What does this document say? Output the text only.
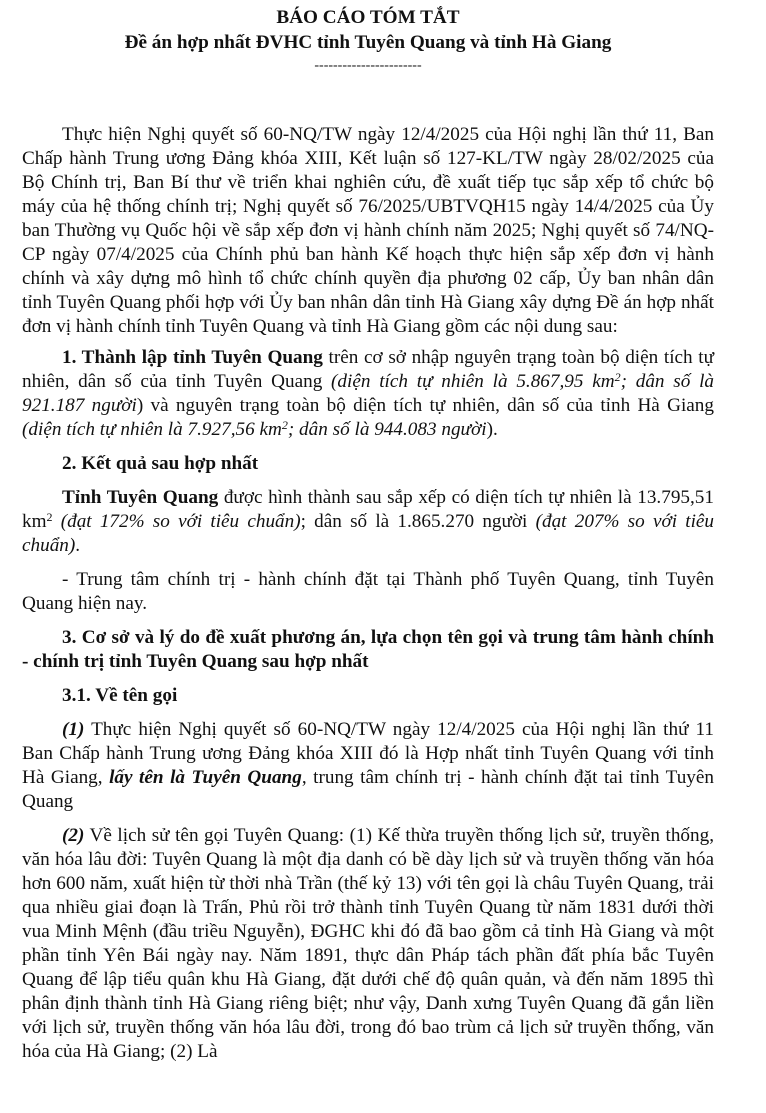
BÁO CÁO TÓM TẮT

Đề án hợp nhất ĐVHC tỉnh Tuyên Quang và tỉnh Hà Giang

-----------------------

Thực hiện Nghị quyết số 60-NQ/TW ngày 12/4/2025 của Hội nghị lần thứ 11, Ban Chấp hành Trung ương Đảng khóa XIII, Kết luận số 127-KL/TW ngày 28/02/2025 của Bộ Chính trị, Ban Bí thư về triển khai nghiên cứu, đề xuất tiếp tục sắp xếp tổ chức bộ máy của hệ thống chính trị; Nghị quyết số 76/2025/UBTVQH15 ngày 14/4/2025 của Ủy ban Thường vụ Quốc hội về sắp xếp đơn vị hành chính năm 2025; Nghị quyết số 74/NQ-CP ngày 07/4/2025 của Chính phủ ban hành Kế hoạch thực hiện sắp xếp đơn vị hành chính và xây dựng mô hình tổ chức chính quyền địa phương 02 cấp, Ủy ban nhân dân tỉnh Tuyên Quang phối hợp với Ủy ban nhân dân tỉnh Hà Giang xây dựng Đề án hợp nhất đơn vị hành chính tỉnh Tuyên Quang và tỉnh Hà Giang gồm các nội dung sau:

1. Thành lập tỉnh Tuyên Quang trên cơ sở nhập nguyên trạng toàn bộ diện tích tự nhiên, dân số của tỉnh Tuyên Quang (diện tích tự nhiên là 5.867,95 $km^2$; dân số là 921.187 người) và nguyên trạng toàn bộ diện tích tự nhiên, dân số của tỉnh Hà Giang (diện tích tự nhiên là 7.927,56 $km^2$; dân số là 944.083 người).

2. Kết quả sau hợp nhất

Tỉnh Tuyên Quang được hình thành sau sắp xếp có diện tích tự nhiên là 13.795,51 $km^2$ (đạt 172% so với tiêu chuẩn); dân số là 1.865.270 người (đạt 207% so với tiêu chuẩn).

- Trung tâm chính trị - hành chính đặt tại Thành phố Tuyên Quang, tỉnh Tuyên Quang hiện nay.

3. Cơ sở và lý do đề xuất phương án, lựa chọn tên gọi và trung tâm hành chính - chính trị tỉnh Tuyên Quang sau hợp nhất

3.1. Về tên gọi

(1) Thực hiện Nghị quyết số 60-NQ/TW ngày 12/4/2025 của Hội nghị lần thứ 11 Ban Chấp hành Trung ương Đảng khóa XIII đó là Hợp nhất tỉnh Tuyên Quang với tỉnh Hà Giang, lấy tên là Tuyên Quang, trung tâm chính trị - hành chính đặt tai tỉnh Tuyên Quang

(2) Về lịch sử tên gọi Tuyên Quang: (1) Kế thừa truyền thống lịch sử, truyền thống, văn hóa lâu đời: Tuyên Quang là một địa danh có bề dày lịch sử và truyền thống văn hóa hơn 600 năm, xuất hiện từ thời nhà Trần (thế kỷ 13) với tên gọi là châu Tuyên Quang, trải qua nhiều giai đoạn là Trấn, Phủ rồi trở thành tỉnh Tuyên Quang từ năm 1831 dưới thời vua Minh Mệnh (đầu triều Nguyễn), ĐGHC khi đó đã bao gồm cả tỉnh Hà Giang và một phần tỉnh Yên Bái ngày nay. Năm 1891, thực dân Pháp tách phần đất phía bắc Tuyên Quang để lập tiểu quân khu Hà Giang, đặt dưới chế độ quân quản, và đến năm 1895 thì phân định thành tỉnh Hà Giang riêng biệt; như vậy, Danh xưng Tuyên Quang đã gắn liền với lịch sử, truyền thống văn hóa lâu đời, trong đó bao trùm cả lịch sử truyền thống, văn hóa của Hà Giang; (2) Là
